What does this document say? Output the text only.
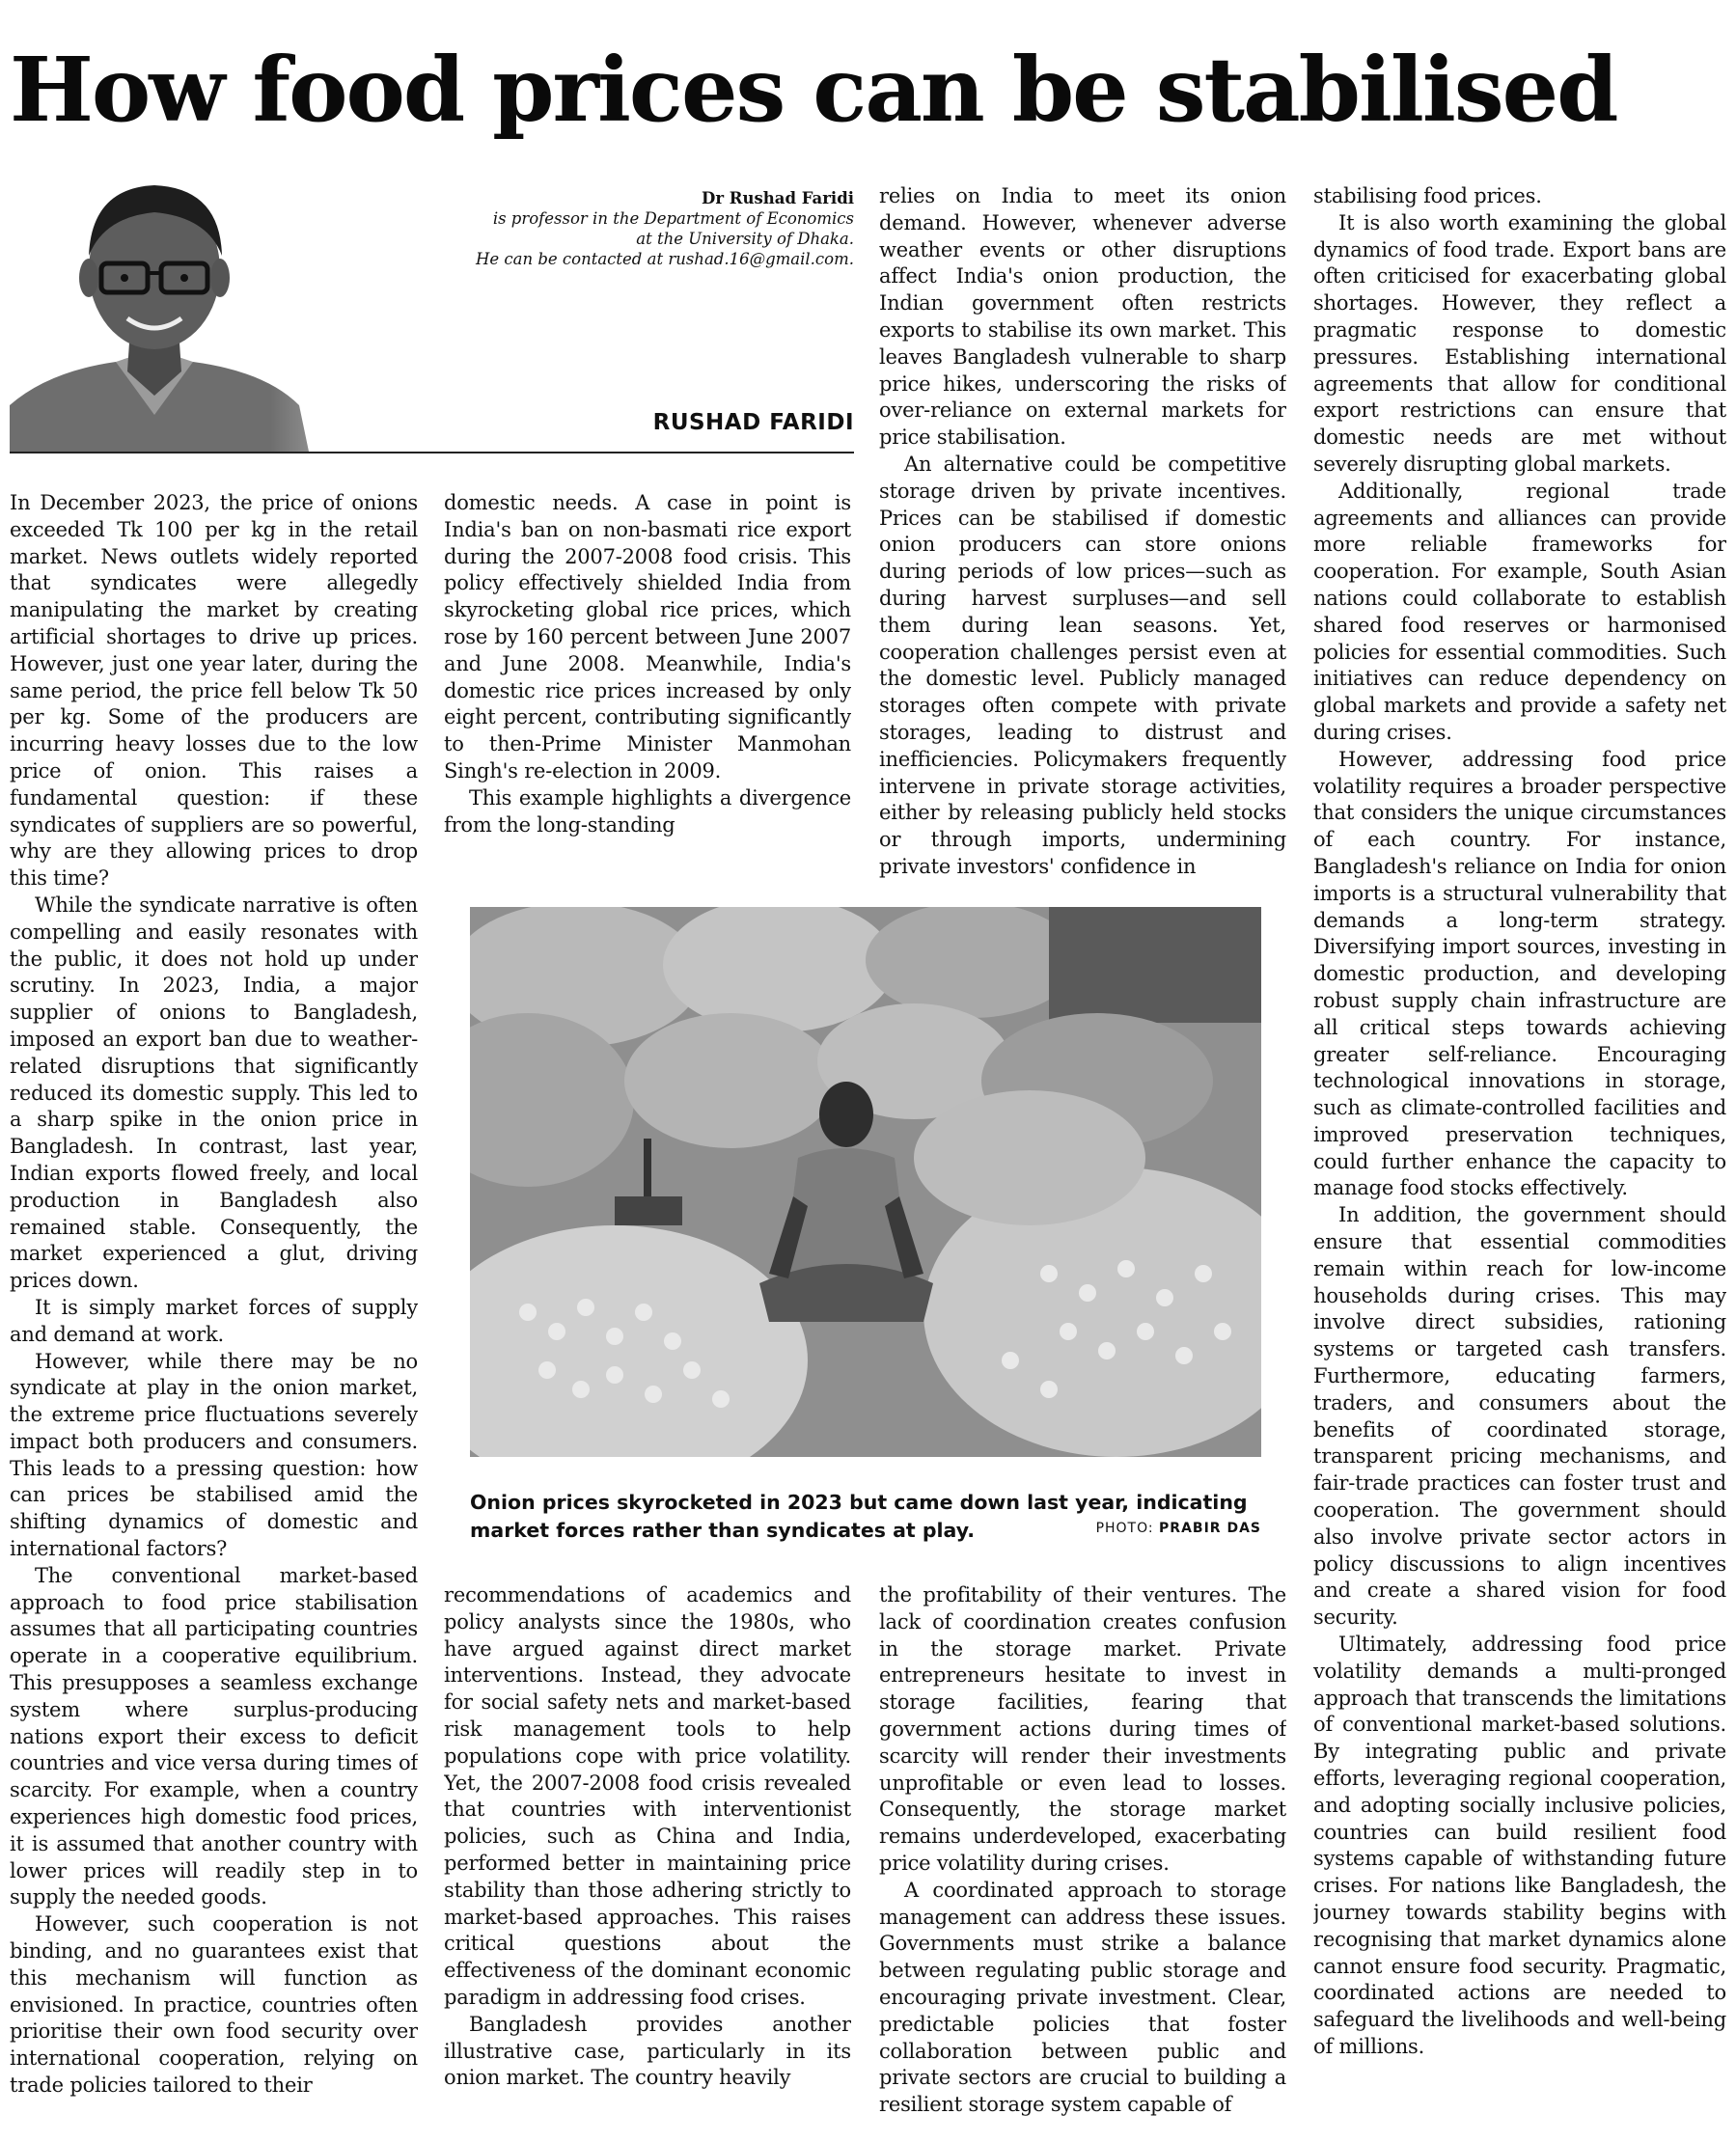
How food prices can be stabilised
Dr Rushad Faridi
is professor in the Department of Economics
at the University of Dhaka.
He can be contacted at rushad.16@gmail.com.
RUSHAD FARIDI

In December 2023, the price of onions exceeded Tk 100 per kg in the retail market. News outlets widely reported that syndicates were allegedly manipulating the market by creating artificial shortages to drive up prices. However, just one year later, during the same period, the price fell below Tk 50 per kg. Some of the producers are incurring heavy losses due to the low price of onion. This raises a fundamental question: if these syndicates of suppliers are so powerful, why are they allowing prices to drop this time?

While the syndicate narrative is often compelling and easily resonates with the public, it does not hold up under scrutiny. In 2023, India, a major supplier of onions to Bangladesh, imposed an export ban due to weather-related disruptions that significantly reduced its domestic supply. This led to a sharp spike in the onion price in Bangladesh. In contrast, last year, Indian exports flowed freely, and local production in Bangladesh also remained stable. Consequently, the market experienced a glut, driving prices down.

It is simply market forces of supply and demand at work.

However, while there may be no syndicate at play in the onion market, the extreme price fluctuations severely impact both producers and consumers. This leads to a pressing question: how can prices be stabilised amid the shifting dynamics of domestic and international factors?

The conventional market-based approach to food price stabilisation assumes that all participating countries operate in a cooperative equilibrium. This presupposes a seamless exchange system where surplus-producing nations export their excess to deficit countries and vice versa during times of scarcity. For example, when a country experiences high domestic food prices, it is assumed that another country with lower prices will readily step in to supply the needed goods.

However, such cooperation is not binding, and no guarantees exist that this mechanism will function as envisioned. In practice, countries often prioritise their own food security over international cooperation, relying on trade policies tailored to their

domestic needs. A case in point is India's ban on non-basmati rice export during the 2007-2008 food crisis. This policy effectively shielded India from skyrocketing global rice prices, which rose by 160 percent between June 2007 and June 2008. Meanwhile, India's domestic rice prices increased by only eight percent, contributing significantly to then-Prime Minister Manmohan Singh's re-election in 2009.

This example highlights a divergence from the long-standing

relies on India to meet its onion demand. However, whenever adverse weather events or other disruptions affect India's onion production, the Indian government often restricts exports to stabilise its own market. This leaves Bangladesh vulnerable to sharp price hikes, underscoring the risks of over-reliance on external markets for price stabilisation.

An alternative could be competitive storage driven by private incentives. Prices can be stabilised if domestic onion producers can store onions during periods of low prices—such as during harvest surpluses—and sell them during lean seasons. Yet, cooperation challenges persist even at the domestic level. Publicly managed storages often compete with private storages, leading to distrust and inefficiencies. Policymakers frequently intervene in private storage activities, either by releasing publicly held stocks or through imports, undermining private investors' confidence in

Onion prices skyrocketed in 2023 but came down last year, indicating market forces rather than syndicates at play.	PHOTO: PRABIR DAS

recommendations of academics and policy analysts since the 1980s, who have argued against direct market interventions. Instead, they advocate for social safety nets and market-based risk management tools to help populations cope with price volatility. Yet, the 2007-2008 food crisis revealed that countries with interventionist policies, such as China and India, performed better in maintaining price stability than those adhering strictly to market-based approaches. This raises critical questions about the effectiveness of the dominant economic paradigm in addressing food crises.

Bangladesh provides another illustrative case, particularly in its onion market. The country heavily

the profitability of their ventures. The lack of coordination creates confusion in the storage market. Private entrepreneurs hesitate to invest in storage facilities, fearing that government actions during times of scarcity will render their investments unprofitable or even lead to losses. Consequently, the storage market remains underdeveloped, exacerbating price volatility during crises.

A coordinated approach to storage management can address these issues. Governments must strike a balance between regulating public storage and encouraging private investment. Clear, predictable policies that foster collaboration between public and private sectors are crucial to building a resilient storage system capable of

stabilising food prices.

It is also worth examining the global dynamics of food trade. Export bans are often criticised for exacerbating global shortages. However, they reflect a pragmatic response to domestic pressures. Establishing international agreements that allow for conditional export restrictions can ensure that domestic needs are met without severely disrupting global markets.

Additionally, regional trade agreements and alliances can provide more reliable frameworks for cooperation. For example, South Asian nations could collaborate to establish shared food reserves or harmonised policies for essential commodities. Such initiatives can reduce dependency on global markets and provide a safety net during crises.

However, addressing food price volatility requires a broader perspective that considers the unique circumstances of each country. For instance, Bangladesh's reliance on India for onion imports is a structural vulnerability that demands a long-term strategy. Diversifying import sources, investing in domestic production, and developing robust supply chain infrastructure are all critical steps towards achieving greater self-reliance. Encouraging technological innovations in storage, such as climate-controlled facilities and improved preservation techniques, could further enhance the capacity to manage food stocks effectively.

In addition, the government should ensure that essential commodities remain within reach for low-income households during crises. This may involve direct subsidies, rationing systems or targeted cash transfers. Furthermore, educating farmers, traders, and consumers about the benefits of coordinated storage, transparent pricing mechanisms, and fair-trade practices can foster trust and cooperation. The government should also involve private sector actors in policy discussions to align incentives and create a shared vision for food security.

Ultimately, addressing food price volatility demands a multi-pronged approach that transcends the limitations of conventional market-based solutions. By integrating public and private efforts, leveraging regional cooperation, and adopting socially inclusive policies, countries can build resilient food systems capable of withstanding future crises. For nations like Bangladesh, the journey towards stability begins with recognising that market dynamics alone cannot ensure food security. Pragmatic, coordinated actions are needed to safeguard the livelihoods and well-being of millions.
